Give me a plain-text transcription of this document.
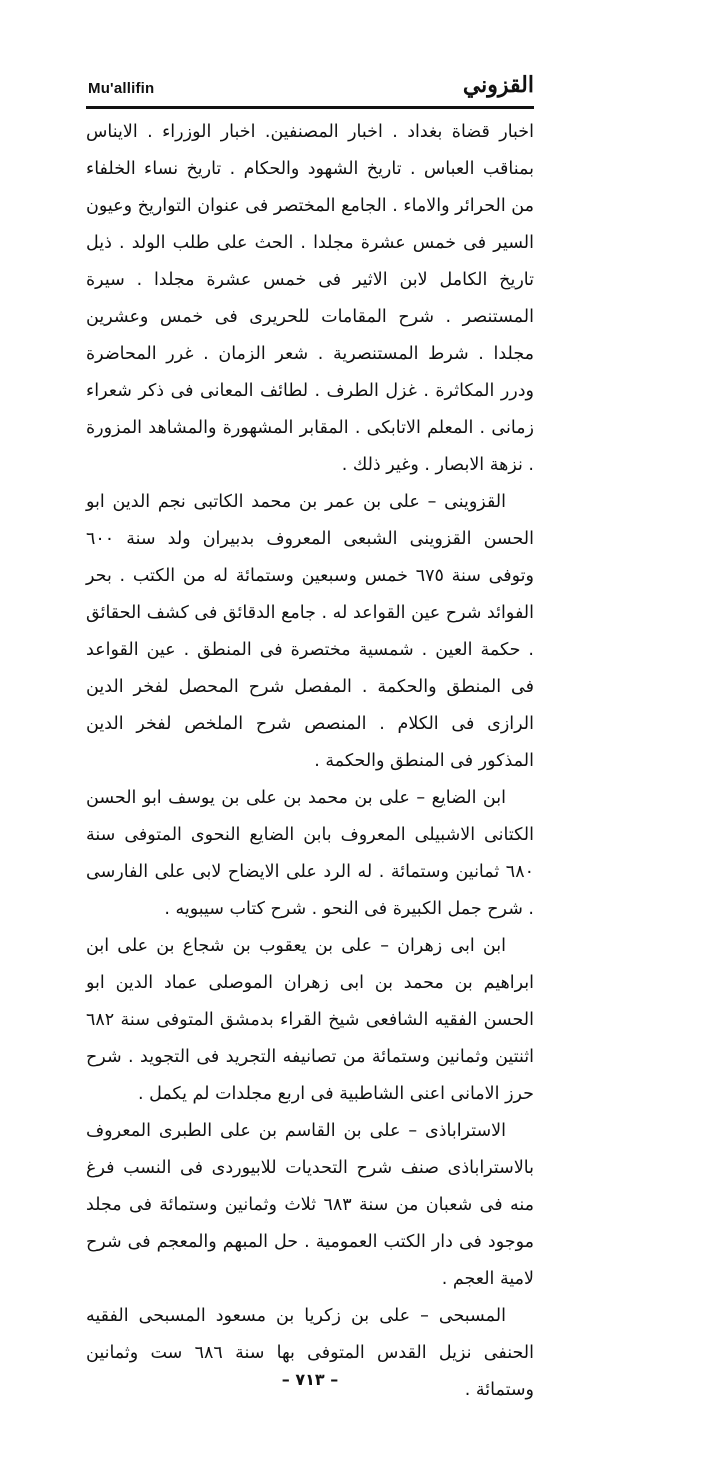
Mu'allifin	القزوني

اخبار قضاة بغداد . اخبار المصنفين. اخبار الوزراء . الايناس بمناقب العباس . تاريخ الشهود والحكام . تاريخ نساء الخلفاء من الحرائر والاماء . الجامع المختصر فى عنوان التواريخ وعيون السير فى خمس عشرة مجلدا . الحث على طلب الولد . ذيل تاريخ الكامل لابن الاثير فى خمس عشرة مجلدا . سيرة المستنصر . شرح المقامات للحريرى فى خمس وعشرين مجلدا . شرط المستنصرية . شعر الزمان . غرر المحاضرة ودرر المكاثرة . غزل الطرف . لطائف المعانى فى ذكر شعراء زمانى . المعلم الاتابكى . المقابر المشهورة والمشاهد المزورة . نزهة الابصار . وغير ذلك .

القزوينى – على بن عمر بن محمد الكاتبى نجم الدين ابو الحسن القزوينى الشبعى المعروف بدبيران ولد سنة ٦٠٠ وتوفى سنة ٦٧٥ خمس وسبعين وستمائة له من الكتب . بحر الفوائد شرح عين القواعد له . جامع الدقائق فى كشف الحقائق . حكمة العين . شمسية مختصرة فى المنطق . عين القواعد فى المنطق والحكمة . المفصل شرح المحصل لفخر الدين الرازى فى الكلام . المنصص شرح الملخص لفخر الدين المذكور فى المنطق والحكمة .

ابن الضايع – على بن محمد بن على بن يوسف ابو الحسن الكتانى الاشبيلى المعروف بابن الضايع النحوى المتوفى سنة ٦٨٠ ثمانين وستمائة . له الرد على الايضاح لابى على الفارسى . شرح جمل الكبيرة فى النحو . شرح كتاب سيبويه .

ابن ابى زهران – على بن يعقوب بن شجاع بن على ابن ابراهيم بن محمد بن ابى زهران الموصلى عماد الدين ابو الحسن الفقيه الشافعى شيخ القراء بدمشق المتوفى سنة ٦٨٢ اثنتين وثمانين وستمائة من تصانيفه التجريد فى التجويد . شرح حرز الامانى اعنى الشاطبية فى اربع مجلدات لم يكمل .

الاستراباذى – على بن القاسم بن على الطبرى المعروف بالاستراباذى صنف شرح التحديات للابيوردى فى النسب فرغ منه فى شعبان من سنة ٦٨٣ ثلاث وثمانين وستمائة فى مجلد موجود فى دار الكتب العمومية . حل المبهم والمعجم فى شرح لامية العجم .

المسبحى – على بن زكريا بن مسعود المسبحى الفقيه الحنفى نزيل القدس المتوفى بها سنة ٦٨٦ ست وثمانين وستمائة .

– ٧١٣ –
